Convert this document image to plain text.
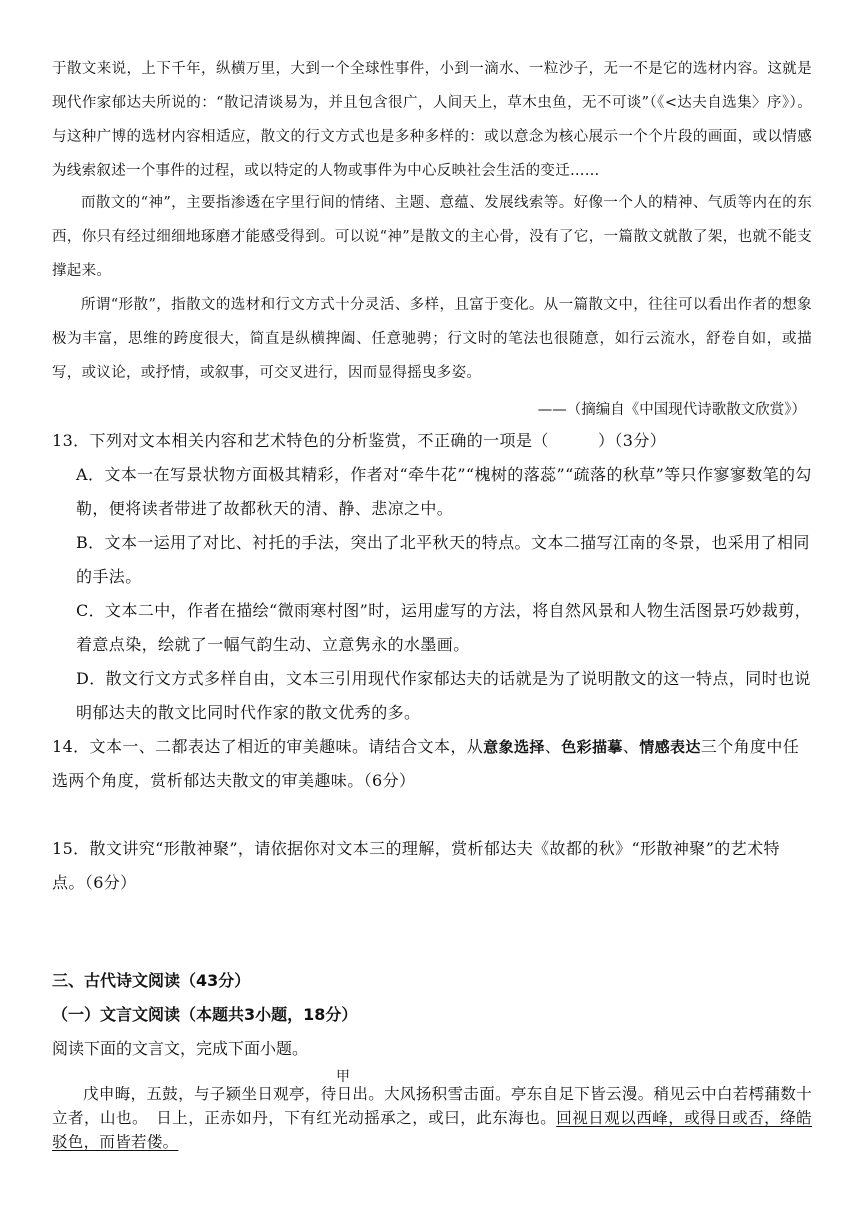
于散文来说，上下千年，纵横万里，大到一个全球性事件，小到一滴水、一粒沙子，无一不是它的选材内容。这就是现代作家郁达夫所说的：“散记清谈易为，并且包含很广，人间天上，草木虫鱼，无不可谈”（《<达夫自选集〉序》）。与这种广博的选材内容相适应，散文的行文方式也是多种多样的：或以意念为核心展示一个个片段的画面，或以情感为线索叙述一个事件的过程，或以特定的人物或事件为中心反映社会生活的变迁……

而散文的“神”，主要指渗透在字里行间的情绪、主题、意蕴、发展线索等。好像一个人的精神、气质等内在的东西，你只有经过细细地琢磨才能感受得到。可以说“神”是散文的主心骨，没有了它，一篇散文就散了架，也就不能支撑起来。

所谓“形散”，指散文的选材和行文方式十分灵活、多样，且富于变化。从一篇散文中，往往可以看出作者的想象极为丰富，思维的跨度很大，简直是纵横捭阖、任意驰骋；行文时的笔法也很随意，如行云流水，舒卷自如，或描写，或议论，或抒情，或叙事，可交叉进行，因而显得摇曳多姿。

——（摘编自《中国现代诗歌散文欣赏》）

13．下列对文本相关内容和艺术特色的分析鉴赏，不正确的一项是（　　　）（3分）

A．文本一在写景状物方面极其精彩，作者对“牵牛花”“槐树的落蕊”“疏落的秋草”等只作寥寥数笔的勾勒，便将读者带进了故都秋天的清、静、悲凉之中。

B．文本一运用了对比、衬托的手法，突出了北平秋天的特点。文本二描写江南的冬景，也采用了相同的手法。

C．文本二中，作者在描绘“微雨寒村图”时，运用虚写的方法，将自然风景和人物生活图景巧妙裁剪，着意点染，绘就了一幅气韵生动、立意隽永的水墨画。

D．散文行文方式多样自由，文本三引用现代作家郁达夫的话就是为了说明散文的这一特点，同时也说明郁达夫的散文比同时代作家的散文优秀的多。

14．文本一、二都表达了相近的审美趣味。请结合文本，从意象选择、色彩描摹、情感表达三个角度中任选两个角度，赏析郁达夫散文的审美趣味。（6分）

15．散文讲究“形散神聚”，请依据你对文本三的理解，赏析郁达夫《故都的秋》“形散神聚”的艺术特点。（6分）

三、古代诗文阅读（43分）

（一）文言文阅读（本题共3小题，18分）

阅读下面的文言文，完成下面小题。

甲

戊申晦，五鼓，与子颍坐日观亭，待日出。大风扬积雪击面。亭东自足下皆云漫。稍见云中白若樗蒱数十立者，山也。　日上，正赤如丹，下有红光动摇承之，或曰，此东海也。回视日观以西峰，或得日或否，绛皓驳色，而皆若偻。
